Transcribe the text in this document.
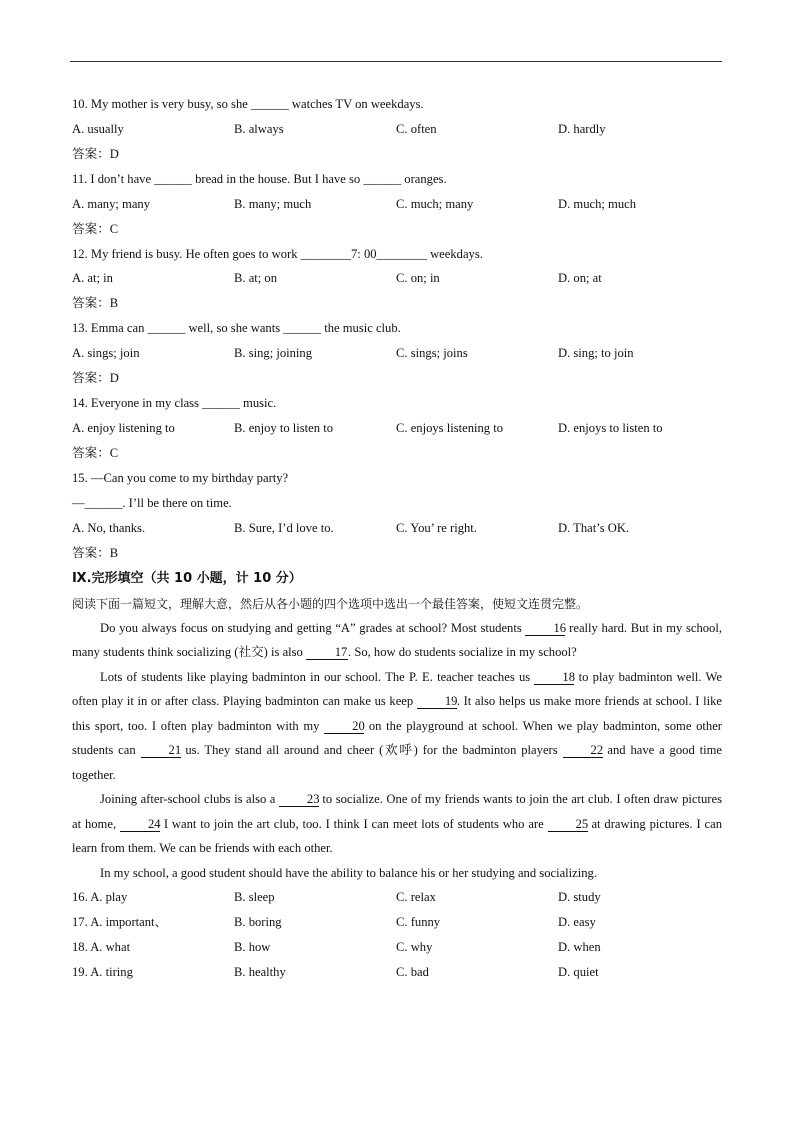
10. My mother is very busy, so she ______ watches TV on weekdays.
A. usually	B. always	C. often	D. hardly
答案：D
11. I don’t have ______ bread in the house. But I have so ______ oranges.
A. many; many	B. many; much	C. much; many	D. much; much
答案：C
12. My friend is busy. He often goes to work ________7: 00________ weekdays.
A. at; in	B. at; on	C. on; in	D. on; at
答案：B
13. Emma can ______ well, so she wants ______ the music club.
A. sings; join	B. sing; joining	C. sings; joins	D. sing; to join
答案：D
14. Everyone in my class ______ music.
A. enjoy listening to	B. enjoy to listen to	C. enjoys listening to	D. enjoys to listen to
答案：C
15. —Can you come to my birthday party?
—______. I’ll be there on time.
A. No, thanks.	B. Sure, I’d love to.	C. You’ re right.	D. That’s OK.
答案：B
Ⅸ.完形填空（共 10 小题，计 10 分）
阅读下面一篇短文，理解大意，然后从各小题的四个选项中选出一个最佳答案，使短文连贯完整。

Do you always focus on studying and getting “A” grades at school? Most students 16 really hard. But in my school, many students think socializing (社交) is also 17. So, how do students socialize in my school?

Lots of students like playing badminton in our school. The P. E. teacher teaches us 18 to play badminton well. We often play it in or after class. Playing badminton can make us keep 19. It also helps us make more friends at school. I like this sport, too. I often play badminton with my 20 on the playground at school. When we play badminton, some other students can 21 us. They stand all around and cheer (欢呼) for the badminton players 22 and have a good time together.

Joining after-school clubs is also a 23 to socialize. One of my friends wants to join the art club. I often draw pictures at home, 24 I want to join the art club, too. I think I can meet lots of students who are 25 at drawing pictures. I can learn from them. We can be friends with each other.

In my school, a good student should have the ability to balance his or her studying and socializing.

16. A. play	B. sleep	C. relax	D. study
17. A. important、	B. boring	C. funny	D. easy
18. A. what	B. how	C. why	D. when
19. A. tiring	B. healthy	C. bad	D. quiet
